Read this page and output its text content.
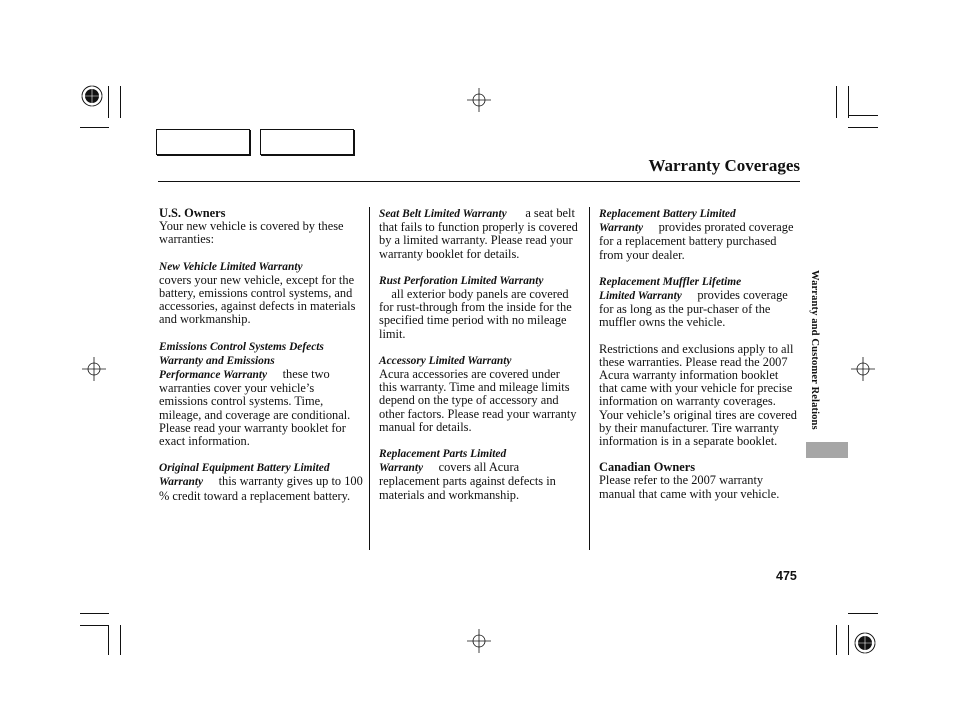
Warranty Coverages

U.S. Owners
Your new vehicle is covered by these warranties:

New Vehicle Limited Warranty
covers your new vehicle, except for the battery, emissions control systems, and accessories, against defects in materials and workmanship.

Emissions Control Systems Defects
Warranty and Emissions
Performance Warranty these two warranties cover your vehicle’s emissions control systems. Time, mileage, and coverage are conditional. Please read your warranty booklet for exact information.

Original Equipment Battery Limited
Warranty this warranty gives up to 100 % credit toward a replacement battery.

Seat Belt Limited Warranty a seat belt that fails to function properly is covered by a limited warranty. Please read your warranty booklet for details.

Rust Perforation Limited Warranty
all exterior body panels are covered for rust-through from the inside for the specified time period with no mileage limit.

Accessory Limited Warranty
Acura accessories are covered under this warranty. Time and mileage limits depend on the type of accessory and other factors. Please read your warranty manual for details.

Replacement Parts Limited
Warranty covers all Acura replacement parts against defects in materials and workmanship.

Replacement Battery Limited
Warranty provides prorated coverage for a replacement battery purchased from your dealer.

Replacement Muffler Lifetime
Limited Warranty provides coverage for as long as the pur-chaser of the muffler owns the vehicle.

Restrictions and exclusions apply to all these warranties. Please read the 2007 Acura warranty information booklet that came with your vehicle for precise information on warranty coverages. Your vehicle’s original tires are covered by their manufacturer. Tire warranty information is in a separate booklet.

Canadian Owners
Please refer to the 2007 warranty manual that came with your vehicle.

Warranty and Customer Relations
475
